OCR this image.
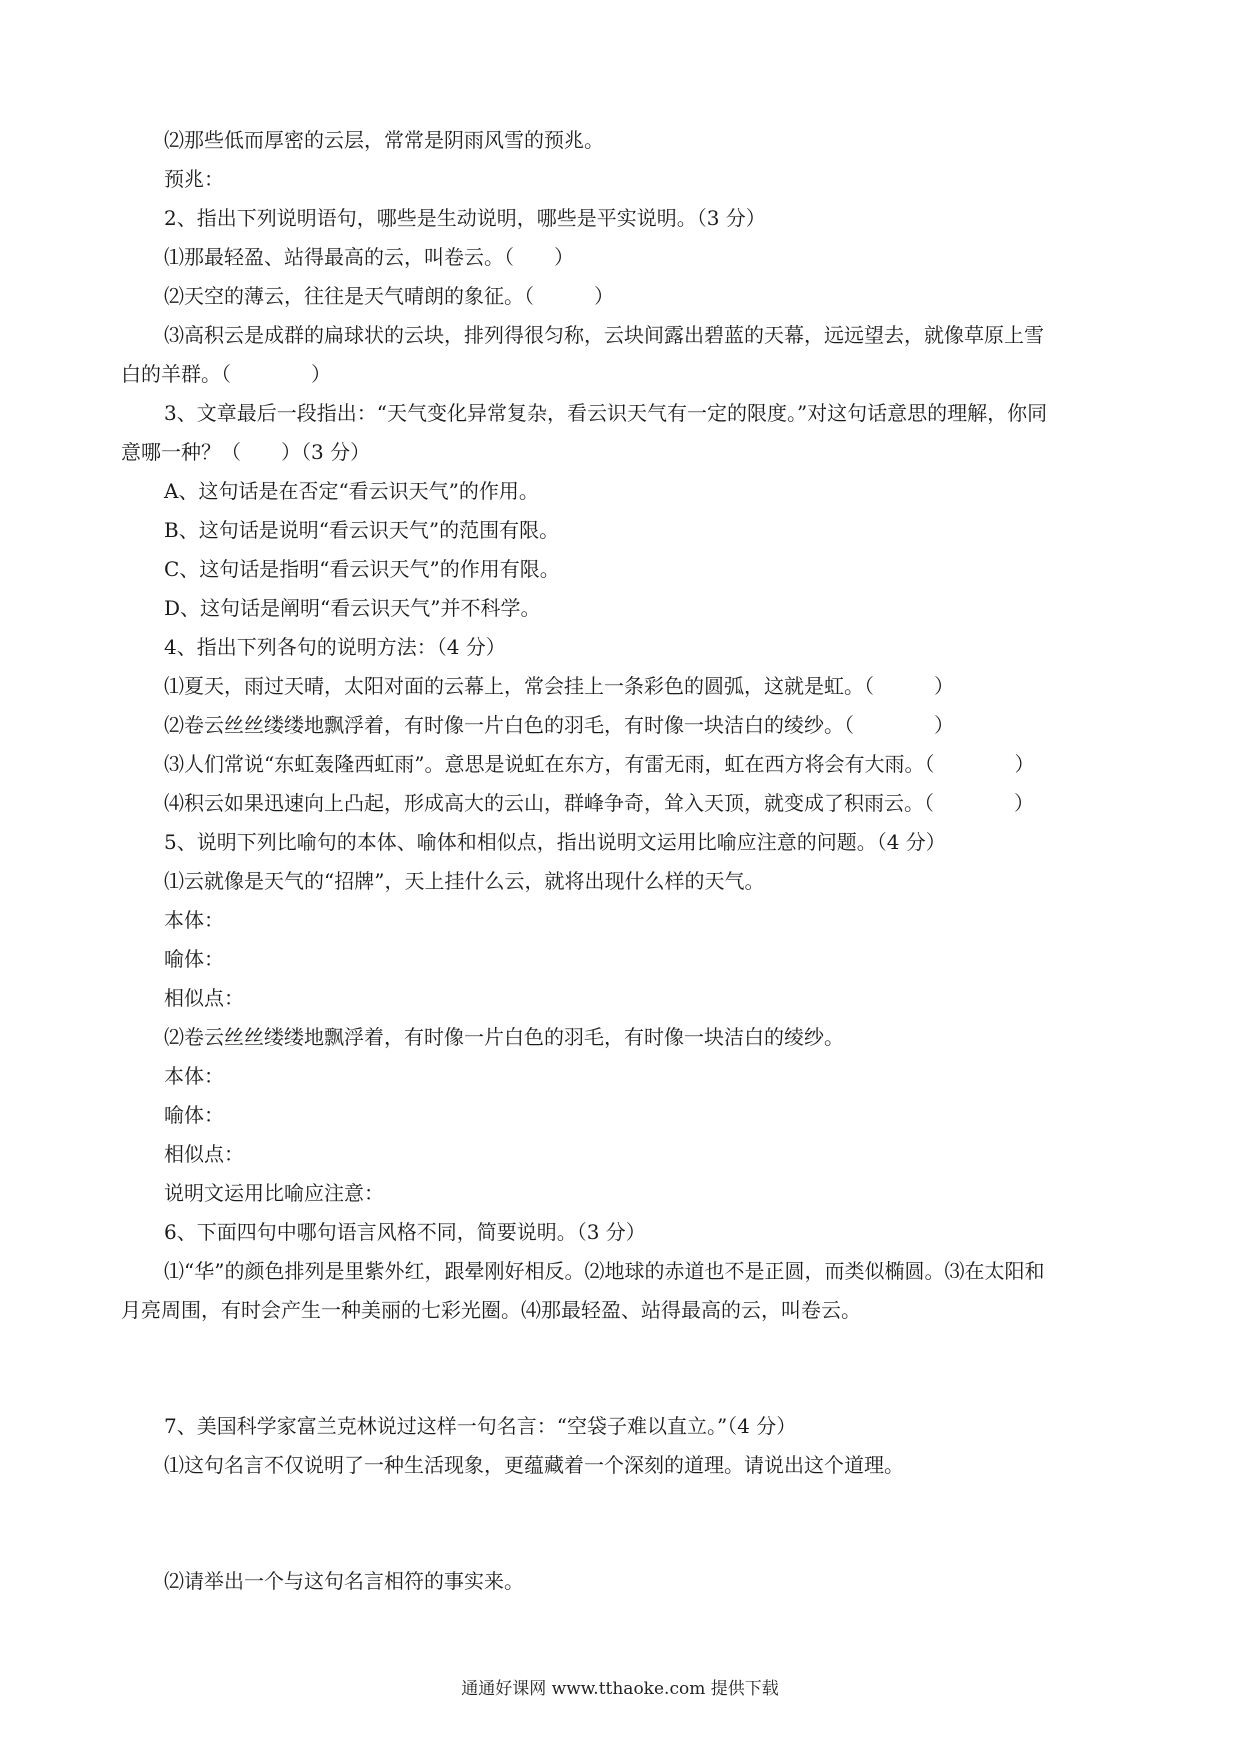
⑵那些低而厚密的云层，常常是阴雨风雪的预兆。
预兆：
2、指出下列说明语句，哪些是生动说明，哪些是平实说明。（3 分）
⑴那最轻盈、站得最高的云，叫卷云。（　　）
⑵天空的薄云，往往是天气晴朗的象征。（　　　）
⑶高积云是成群的扁球状的云块，排列得很匀称，云块间露出碧蓝的天幕，远远望去，就像草原上雪
白的羊群。（　　　　）
3、文章最后一段指出：“天气变化异常复杂，看云识天气有一定的限度。”对这句话意思的理解，你同
意哪一种？（　　）（3 分）
A、这句话是在否定“看云识天气”的作用。
B、这句话是说明“看云识天气”的范围有限。
C、这句话是指明“看云识天气”的作用有限。
D、这句话是阐明“看云识天气”并不科学。
4、指出下列各句的说明方法：（4 分）
⑴夏天，雨过天晴，太阳对面的云幕上，常会挂上一条彩色的圆弧，这就是虹。（　　　）
⑵卷云丝丝缕缕地飘浮着，有时像一片白色的羽毛，有时像一块洁白的绫纱。（　　　　）
⑶人们常说“东虹轰隆西虹雨”。意思是说虹在东方，有雷无雨，虹在西方将会有大雨。（　　　　）
⑷积云如果迅速向上凸起，形成高大的云山，群峰争奇，耸入天顶，就变成了积雨云。（　　　　）
5、说明下列比喻句的本体、喻体和相似点，指出说明文运用比喻应注意的问题。（4 分）
⑴云就像是天气的“招牌”，天上挂什么云，就将出现什么样的天气。
本体：
喻体：
相似点：
⑵卷云丝丝缕缕地飘浮着，有时像一片白色的羽毛，有时像一块洁白的绫纱。
本体：
喻体：
相似点：
说明文运用比喻应注意：
6、下面四句中哪句语言风格不同，简要说明。（3 分）
⑴“华”的颜色排列是里紫外红，跟晕刚好相反。⑵地球的赤道也不是正圆，而类似椭圆。⑶在太阳和
月亮周围，有时会产生一种美丽的七彩光圈。⑷那最轻盈、站得最高的云，叫卷云。
7、美国科学家富兰克林说过这样一句名言：“空袋子难以直立。”（4 分）
⑴这句名言不仅说明了一种生活现象，更蕴藏着一个深刻的道理。请说出这个道理。
⑵请举出一个与这句名言相符的事实来。
通通好课网 www.tthaoke.com 提供下载
